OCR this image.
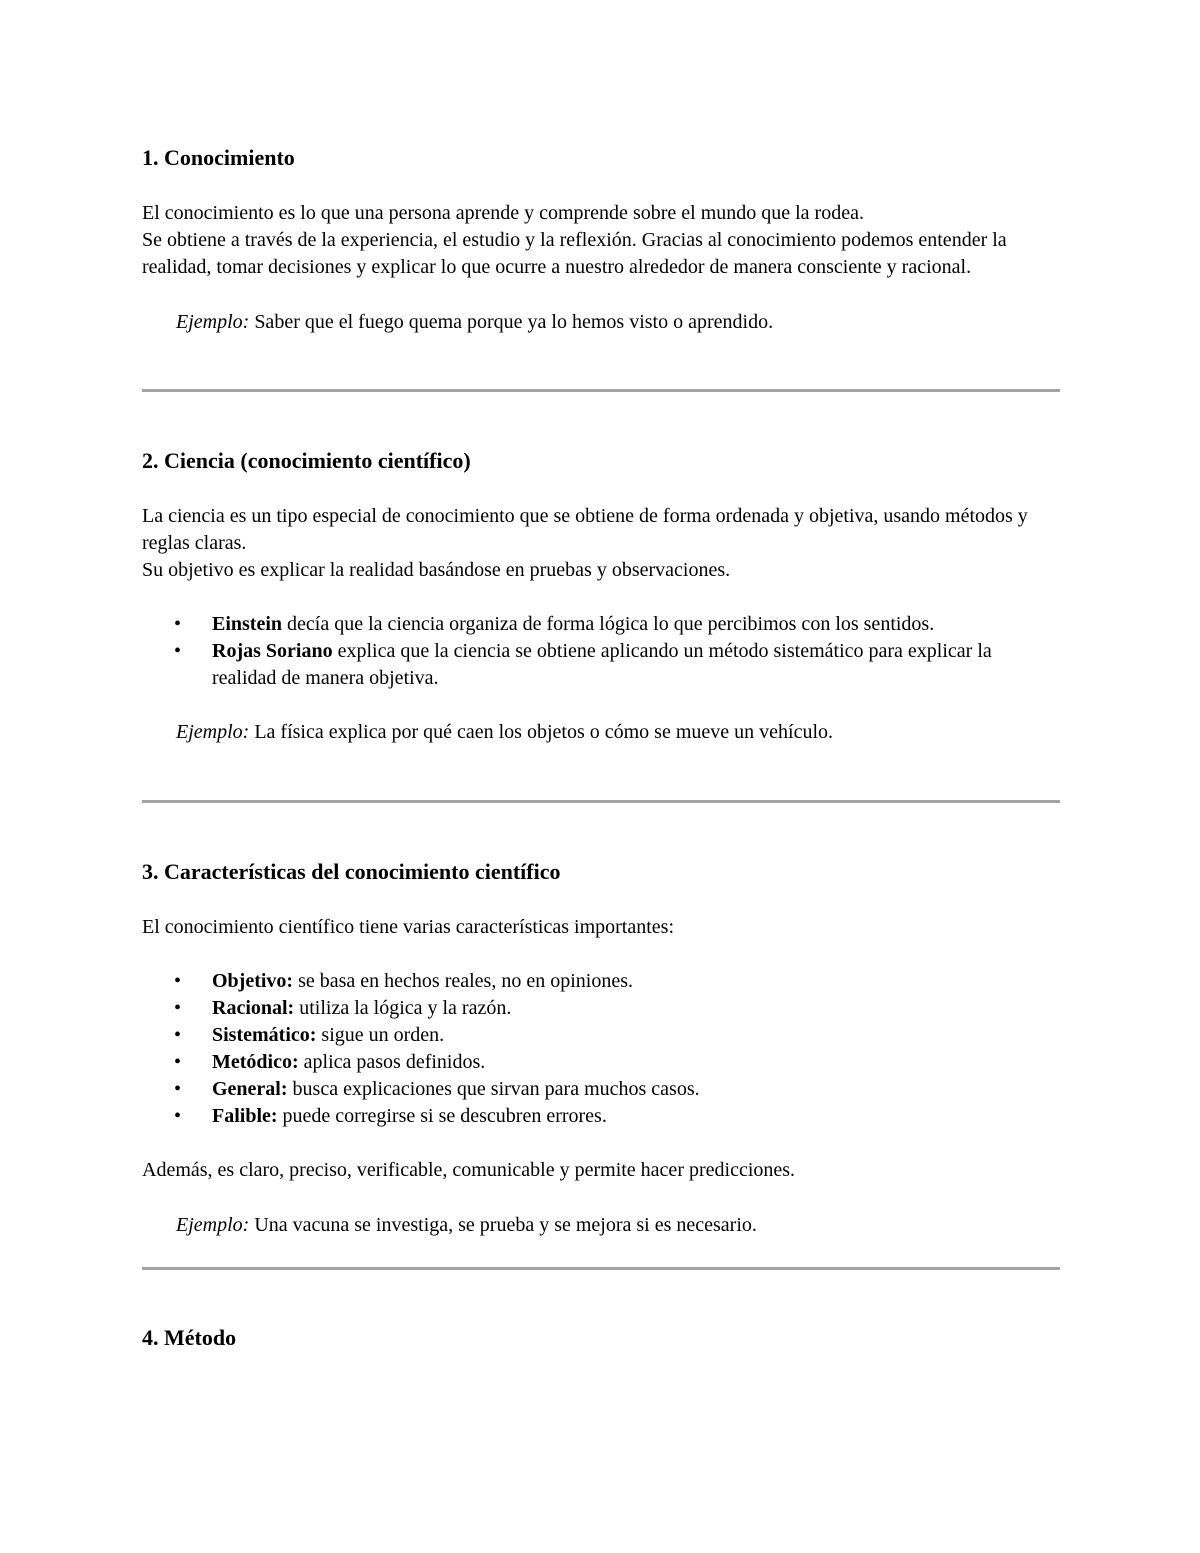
1. Conocimiento

El conocimiento es lo que una persona aprende y comprende sobre el mundo que la rodea.

Se obtiene a través de la experiencia, el estudio y la reflexión. Gracias al conocimiento podemos entender la realidad, tomar decisiones y explicar lo que ocurre a nuestro alrededor de manera consciente y racional.

Ejemplo: Saber que el fuego quema porque ya lo hemos visto o aprendido.

2. Ciencia (conocimiento científico)

La ciencia es un tipo especial de conocimiento que se obtiene de forma ordenada y objetiva, usando métodos y reglas claras.

Su objetivo es explicar la realidad basándose en pruebas y observaciones.

• Einstein decía que la ciencia organiza de forma lógica lo que percibimos con los sentidos.
• Rojas Soriano explica que la ciencia se obtiene aplicando un método sistemático para explicar la realidad de manera objetiva.

Ejemplo: La física explica por qué caen los objetos o cómo se mueve un vehículo.

3. Características del conocimiento científico

El conocimiento científico tiene varias características importantes:

• Objetivo: se basa en hechos reales, no en opiniones.
• Racional: utiliza la lógica y la razón.
• Sistemático: sigue un orden.
• Metódico: aplica pasos definidos.
• General: busca explicaciones que sirvan para muchos casos.
• Falible: puede corregirse si se descubren errores.

Además, es claro, preciso, verificable, comunicable y permite hacer predicciones.

Ejemplo: Una vacuna se investiga, se prueba y se mejora si es necesario.

4. Método
